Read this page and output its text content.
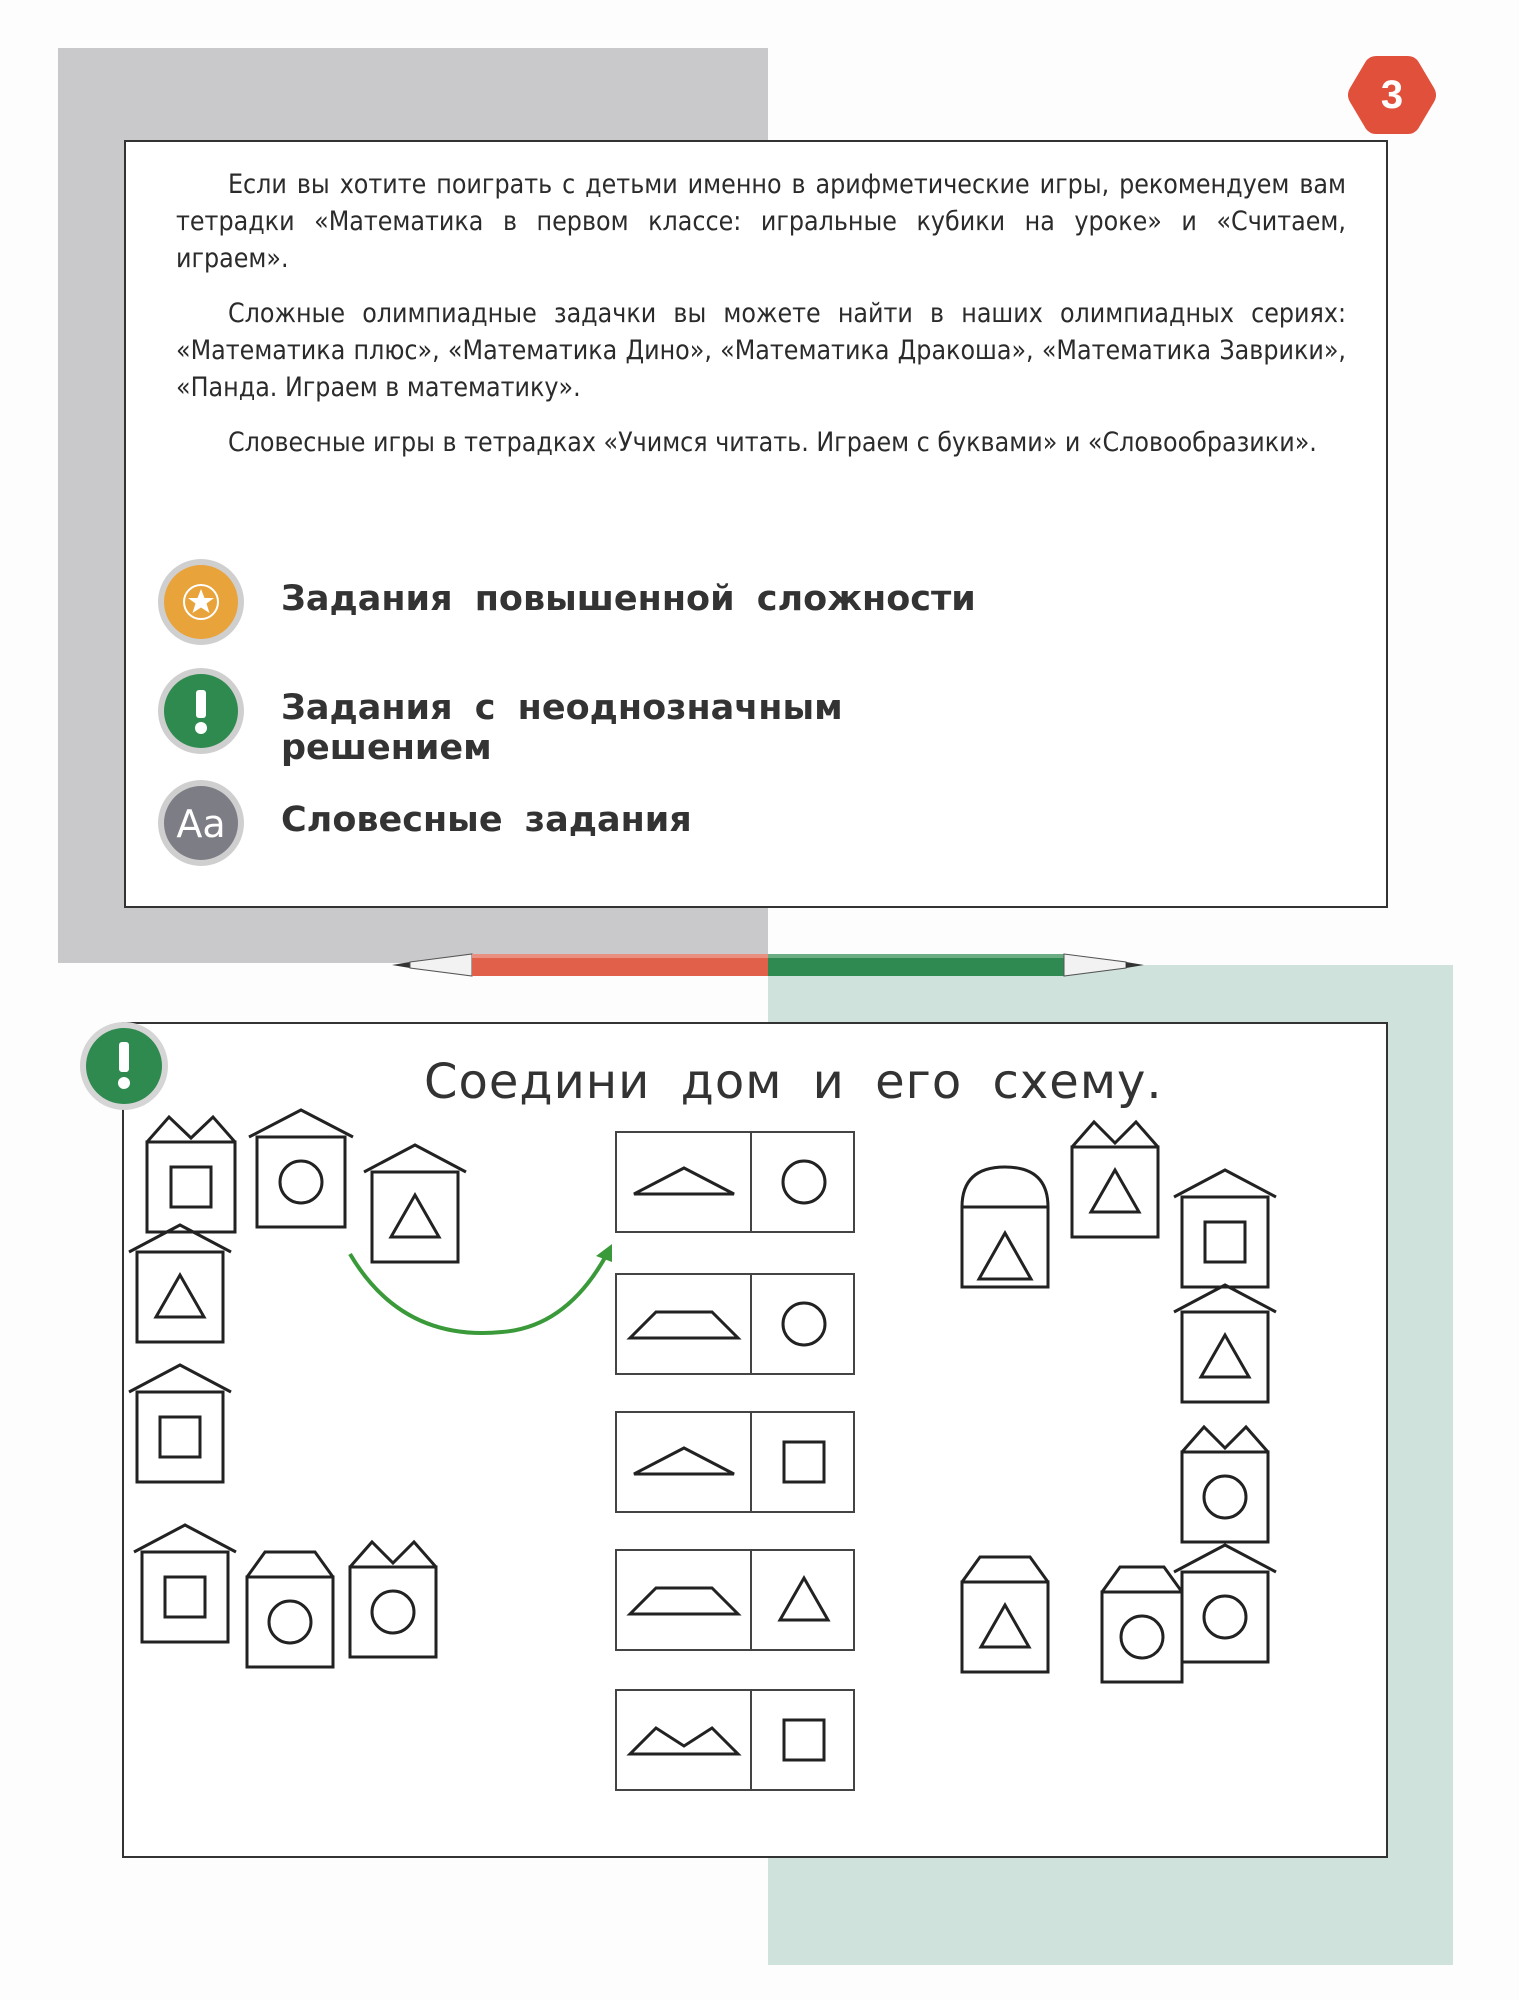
3

Если вы хотите поиграть с детьми именно в арифметические игры, рекомендуем вам тетрадки «Математика в первом классе: игральные кубики на уроке» и «Считаем, играем».

Сложные олимпиадные задачки вы можете найти в наших олимпиадных сериях: «Математика плюс», «Математика Дино», «Математика Дракоша», «Математика Заврики», «Панда. Играем в математику».

Словесные игры в тетрадках «Учимся читать. Играем с буквами» и «Словообразики».

Задания повышенной сложности
Задания с неоднозначным решением
Aa Словесные задания
Соедини дом и его схему.
